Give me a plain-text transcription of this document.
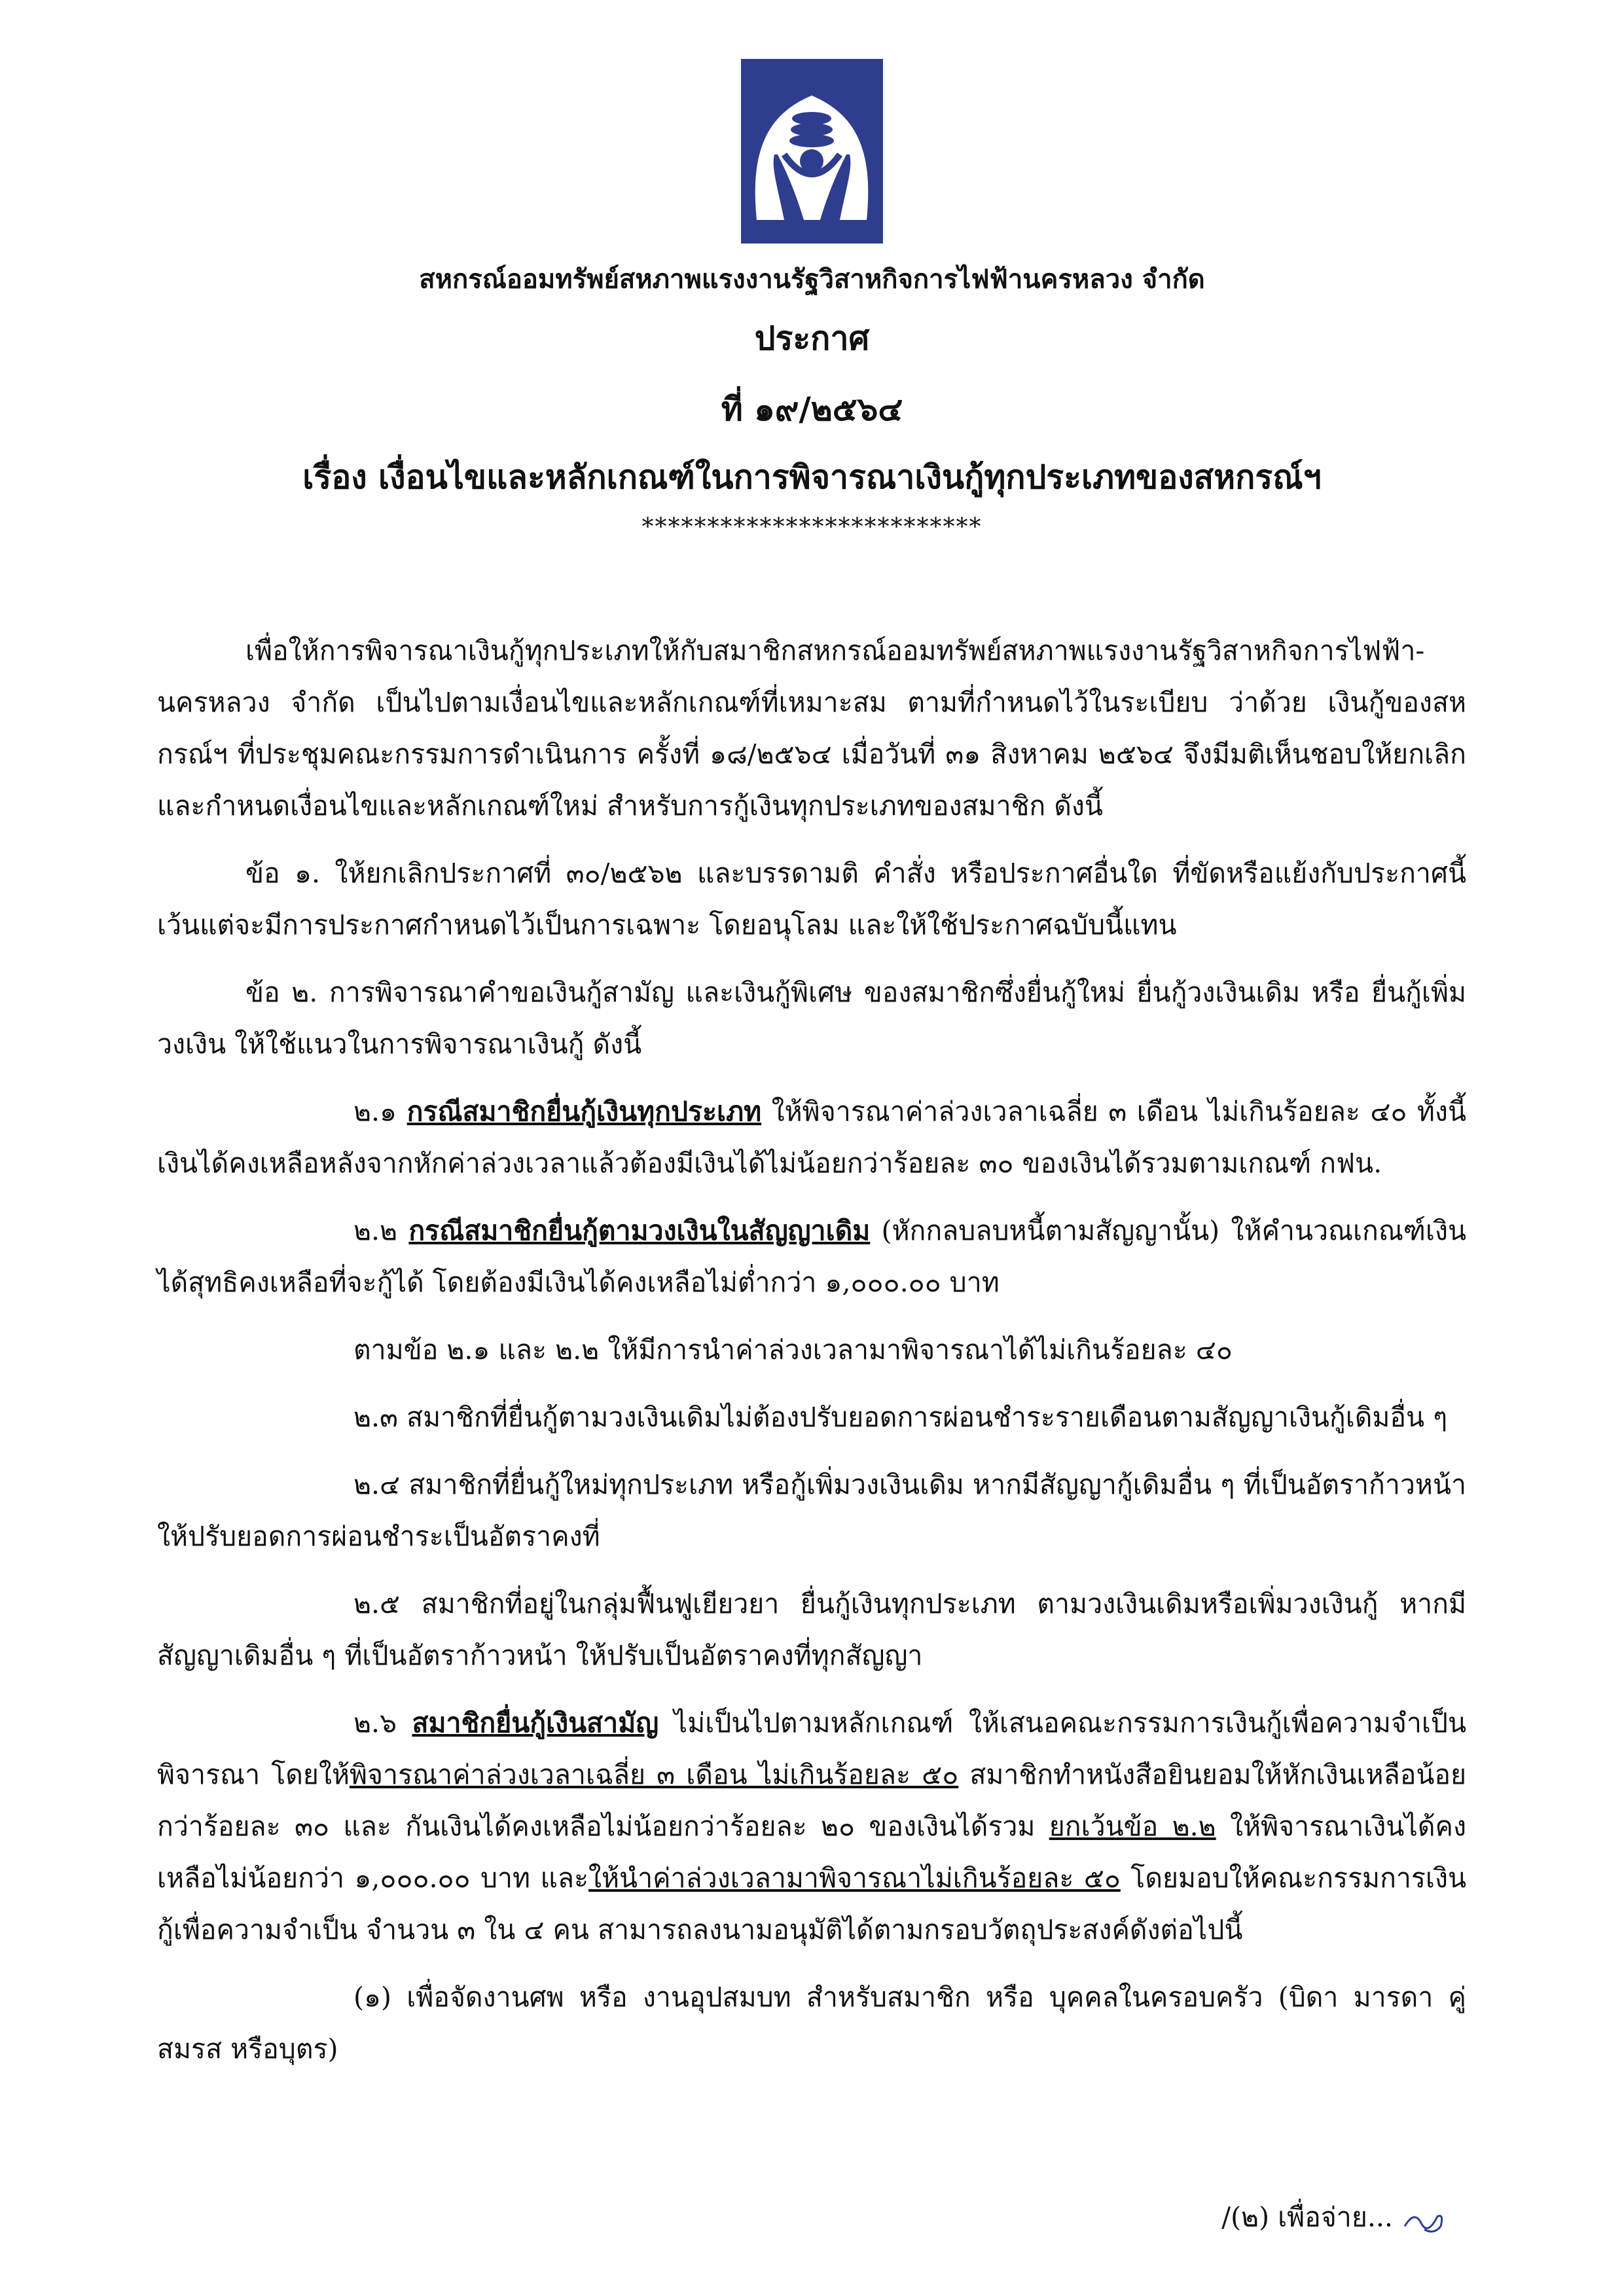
สหกรณ์ออมทรัพย์สหภาพแรงงานรัฐวิสาหกิจการไฟฟ้านครหลวง จำกัด
ประกาศ
ที่ ๑๙/๒๕๖๔
เรื่อง เงื่อนไขและหลักเกณฑ์ในการพิจารณาเงินกู้ทุกประเภทของสหกรณ์ฯ
**************************

เพื่อให้การพิจารณาเงินกู้ทุกประเภทให้กับสมาชิกสหกรณ์ออมทรัพย์สหภาพแรงงานรัฐวิสาหกิจการไฟฟ้า-นครหลวง จำกัด เป็นไปตามเงื่อนไขและหลักเกณฑ์ที่เหมาะสม ตามที่กำหนดไว้ในระเบียบ ว่าด้วย เงินกู้ของสหกรณ์ฯ ที่ประชุมคณะกรรมการดำเนินการ ครั้งที่ ๑๘/๒๕๖๔ เมื่อวันที่ ๓๑ สิงหาคม ๒๕๖๔ จึงมีมติเห็นชอบให้ยกเลิกและกำหนดเงื่อนไขและหลักเกณฑ์ใหม่ สำหรับการกู้เงินทุกประเภทของสมาชิก ดังนี้

ข้อ ๑. ให้ยกเลิกประกาศที่ ๓๐/๒๕๖๒ และบรรดามติ คำสั่ง หรือประกาศอื่นใด ที่ขัดหรือแย้งกับประกาศนี้ เว้นแต่จะมีการประกาศกำหนดไว้เป็นการเฉพาะ โดยอนุโลม และให้ใช้ประกาศฉบับนี้แทน

ข้อ ๒. การพิจารณาคำขอเงินกู้สามัญ และเงินกู้พิเศษ ของสมาชิกซึ่งยื่นกู้ใหม่ ยื่นกู้วงเงินเดิม หรือ ยื่นกู้เพิ่มวงเงิน ให้ใช้แนวในการพิจารณาเงินกู้ ดังนี้

๒.๑ กรณีสมาชิกยื่นกู้เงินทุกประเภท ให้พิจารณาค่าล่วงเวลาเฉลี่ย ๓ เดือน ไม่เกินร้อยละ ๔๐ ทั้งนี้ เงินได้คงเหลือหลังจากหักค่าล่วงเวลาแล้วต้องมีเงินได้ไม่น้อยกว่าร้อยละ ๓๐ ของเงินได้รวมตามเกณฑ์ กฟน.

๒.๒ กรณีสมาชิกยื่นกู้ตามวงเงินในสัญญาเดิม (หักกลบลบหนี้ตามสัญญานั้น) ให้คำนวณเกณฑ์เงินได้สุทธิคงเหลือที่จะกู้ได้ โดยต้องมีเงินได้คงเหลือไม่ต่ำกว่า ๑,๐๐๐.๐๐ บาท

ตามข้อ ๒.๑ และ ๒.๒ ให้มีการนำค่าล่วงเวลามาพิจารณาได้ไม่เกินร้อยละ ๔๐

๒.๓ สมาชิกที่ยื่นกู้ตามวงเงินเดิมไม่ต้องปรับยอดการผ่อนชำระรายเดือนตามสัญญาเงินกู้เดิมอื่น ๆ

๒.๔ สมาชิกที่ยื่นกู้ใหม่ทุกประเภท หรือกู้เพิ่มวงเงินเดิม หากมีสัญญากู้เดิมอื่น ๆ ที่เป็นอัตราก้าวหน้า ให้ปรับยอดการผ่อนชำระเป็นอัตราคงที่

๒.๕ สมาชิกที่อยู่ในกลุ่มฟื้นฟูเยียวยา ยื่นกู้เงินทุกประเภท ตามวงเงินเดิมหรือเพิ่มวงเงินกู้ หากมีสัญญาเดิมอื่น ๆ ที่เป็นอัตราก้าวหน้า ให้ปรับเป็นอัตราคงที่ทุกสัญญา

๒.๖ สมาชิกยื่นกู้เงินสามัญ ไม่เป็นไปตามหลักเกณฑ์ ให้เสนอคณะกรรมการเงินกู้เพื่อความจำเป็นพิจารณา โดยให้พิจารณาค่าล่วงเวลาเฉลี่ย ๓ เดือน ไม่เกินร้อยละ ๕๐ สมาชิกทำหนังสือยินยอมให้หักเงินเหลือน้อยกว่าร้อยละ ๓๐ และ กันเงินได้คงเหลือไม่น้อยกว่าร้อยละ ๒๐ ของเงินได้รวม ยกเว้นข้อ ๒.๒ ให้พิจารณาเงินได้คงเหลือไม่น้อยกว่า ๑,๐๐๐.๐๐ บาท และให้นำค่าล่วงเวลามาพิจารณาไม่เกินร้อยละ ๕๐ โดยมอบให้คณะกรรมการเงินกู้เพื่อความจำเป็น จำนวน ๓ ใน ๔ คน สามารถลงนามอนุมัติได้ตามกรอบวัตถุประสงค์ดังต่อไปนี้

(๑) เพื่อจัดงานศพ หรือ งานอุปสมบท สำหรับสมาชิก หรือ บุคคลในครอบครัว (บิดา มารดา คู่สมรส หรือบุตร)

/(๒) เพื่อจ่าย...
